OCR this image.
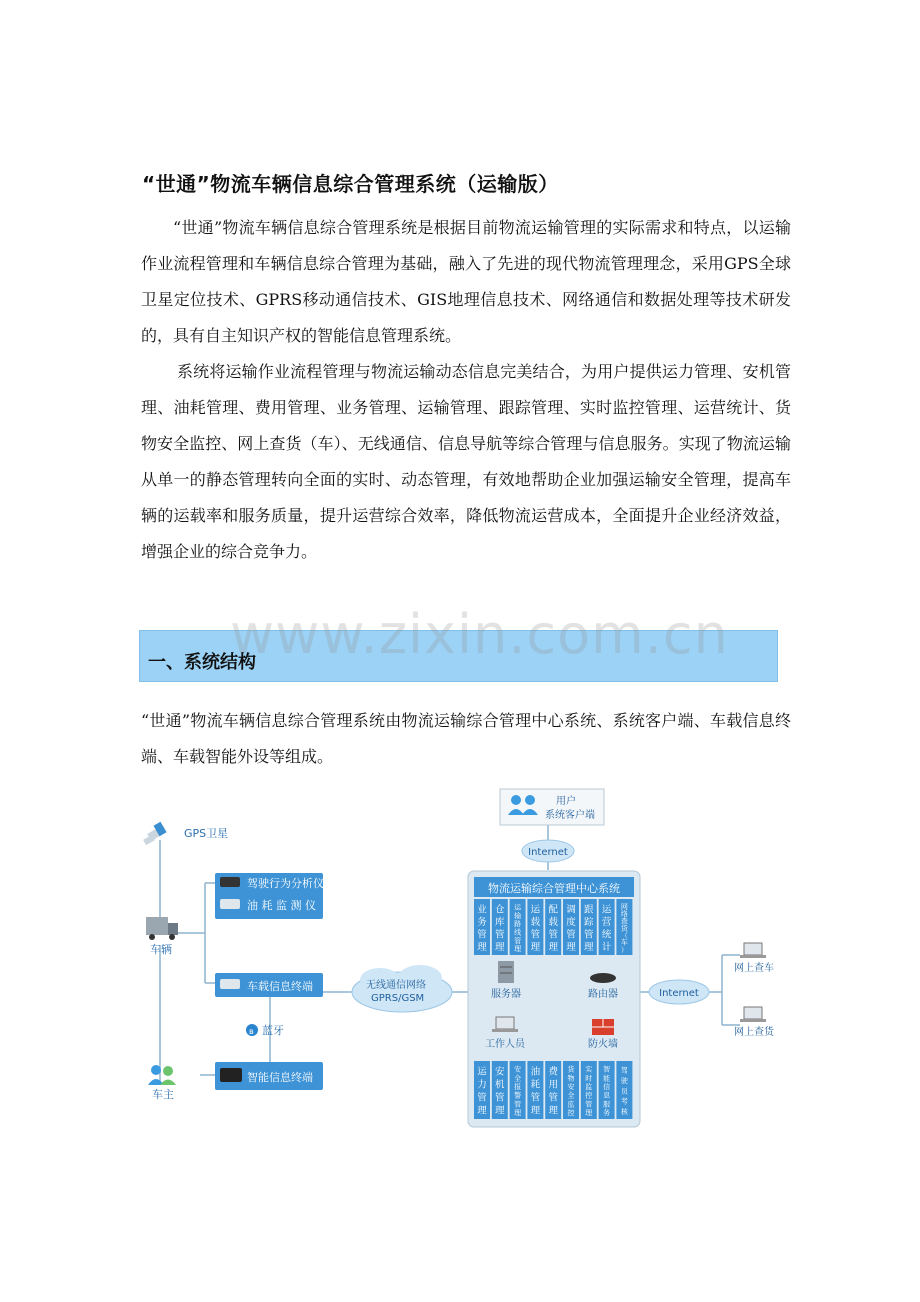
“世通”物流车辆信息综合管理系统（运输版）

“世通”物流车辆信息综合管理系统是根据目前物流运输管理的实际需求和特点，以运输作业流程管理和车辆信息综合管理为基础，融入了先进的现代物流管理理念，采用GPS全球卫星定位技术、GPRS移动通信技术、GIS地理信息技术、网络通信和数据处理等技术研发的，具有自主知识产权的智能信息管理系统。

系统将运输作业流程管理与物流运输动态信息完美结合，为用户提供运力管理、安机管理、油耗管理、费用管理、业务管理、运输管理、跟踪管理、实时监控管理、运营统计、货物安全监控、网上查货（车）、无线通信、信息导航等综合管理与信息服务。实现了物流运输从单一的静态管理转向全面的实时、动态管理，有效地帮助企业加强运输安全管理，提高车辆的运载率和服务质量，提升运营综合效率，降低物流运营成本，全面提升企业经济效益，增强企业的综合竞争力。

www.zixin.com.cn
一、系统结构

“世通”物流车辆信息综合管理系统由物流运输综合管理中心系统、系统客户端、车载信息终端、车载智能外设等组成。

GPS卫星
车辆
车主
驾驶行为分析仪
油 耗 监 测 仪
车载信息终端
ʙ 蓝牙
智能信息终端
无线通信网络
GPRS/GSM
用户
系统客户端
Internet
物流运输综合管理中心系统
业务管理
仓库管理
运输路线管理
运载管理
配载管理
调度管理
跟踪管理
运营统计
网络查货（车）
服务器	路由器
工作人员	防火墙
运力管理
安机管理
安全报警管理
油耗管理
费用管理
货物安全监控
实时监控管理
智能信息服务
驾驶员考核
Internet
网上查车
网上查货
